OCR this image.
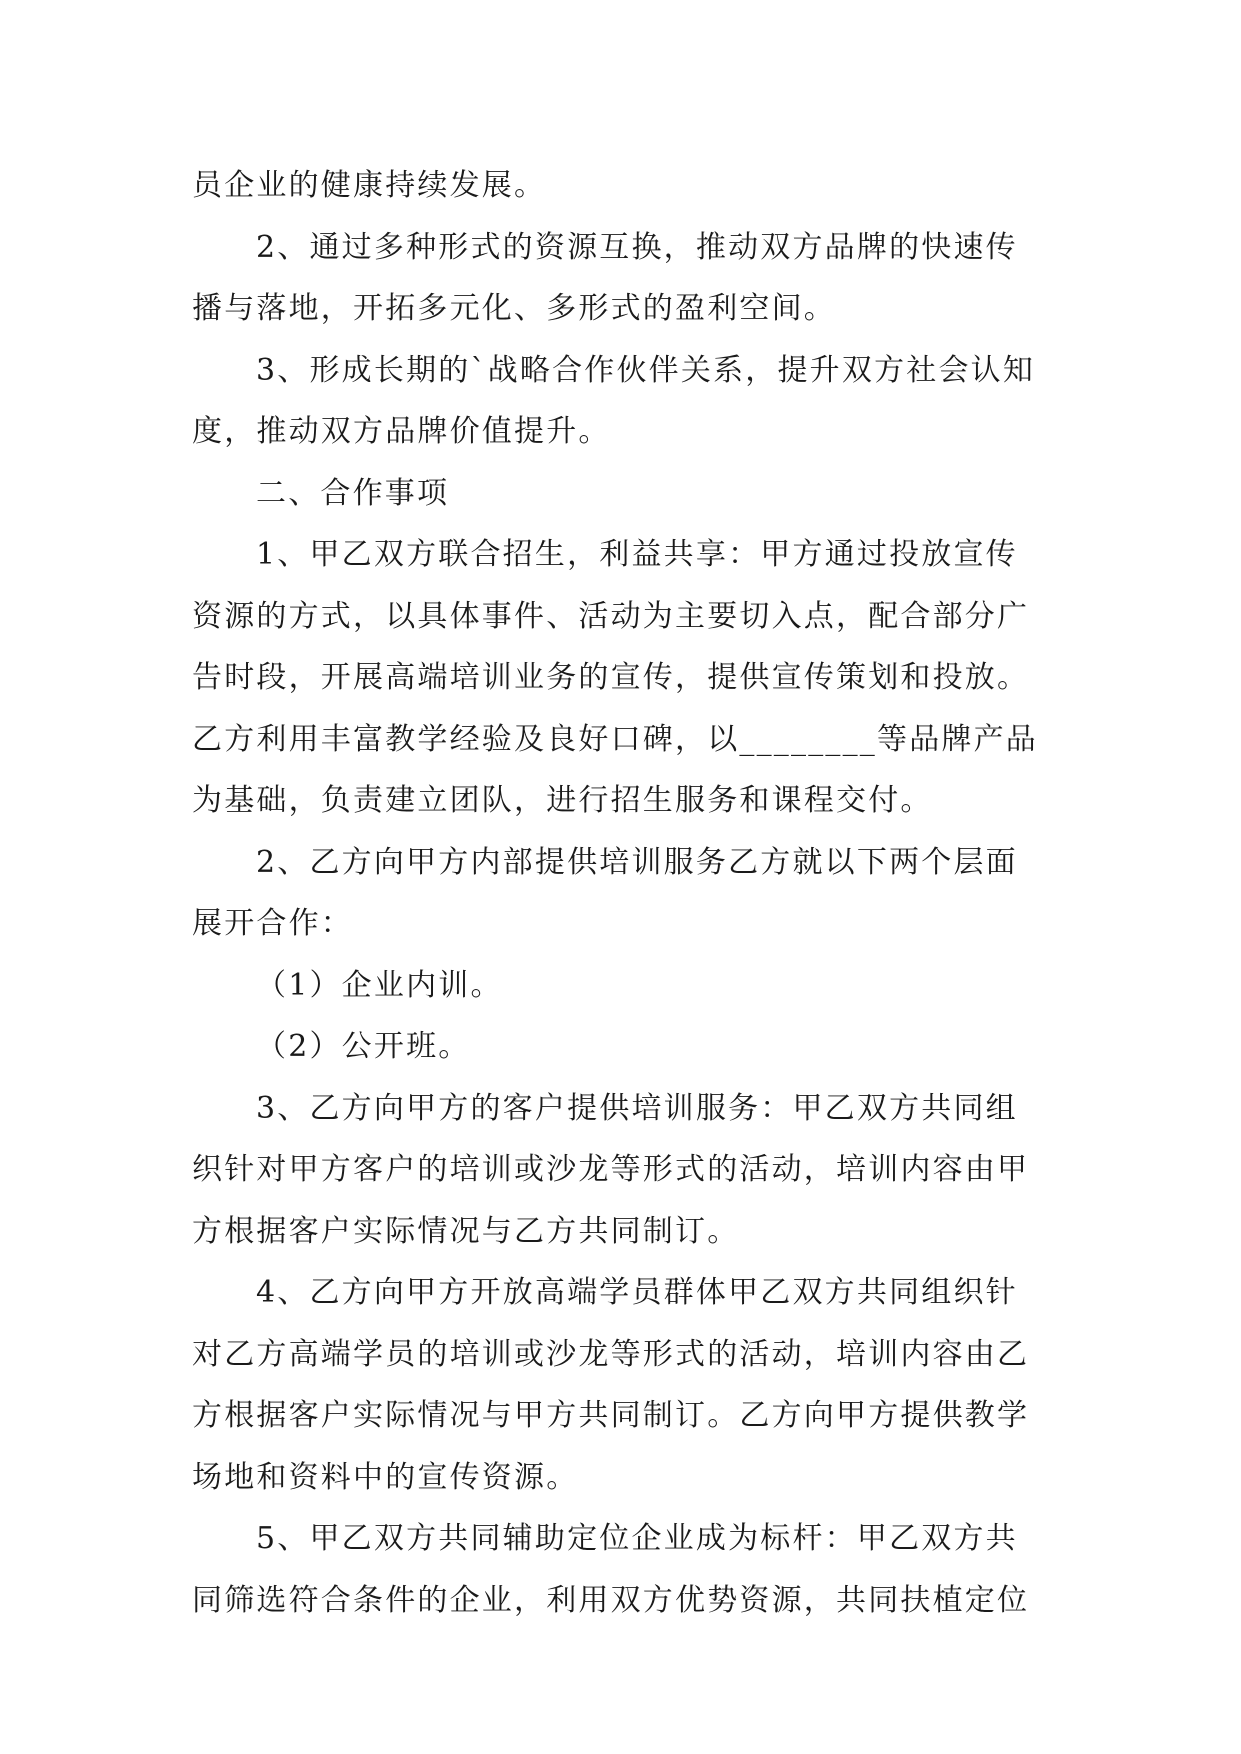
员企业的健康持续发展。
2、通过多种形式的资源互换，推动双方品牌的快速传
播与落地，开拓多元化、多形式的盈利空间。
3、形成长期的`战略合作伙伴关系，提升双方社会认知
度，推动双方品牌价值提升。
二、合作事项
1、甲乙双方联合招生，利益共享：甲方通过投放宣传
资源的方式，以具体事件、活动为主要切入点，配合部分广
告时段，开展高端培训业务的宣传，提供宣传策划和投放。
乙方利用丰富教学经验及良好口碑，以________等品牌产品
为基础，负责建立团队，进行招生服务和课程交付。
2、乙方向甲方内部提供培训服务乙方就以下两个层面
展开合作：
（1）企业内训。
（2）公开班。
3、乙方向甲方的客户提供培训服务：甲乙双方共同组
织针对甲方客户的培训或沙龙等形式的活动，培训内容由甲
方根据客户实际情况与乙方共同制订。
4、乙方向甲方开放高端学员群体甲乙双方共同组织针
对乙方高端学员的培训或沙龙等形式的活动，培训内容由乙
方根据客户实际情况与甲方共同制订。乙方向甲方提供教学
场地和资料中的宣传资源。
5、甲乙双方共同辅助定位企业成为标杆：甲乙双方共
同筛选符合条件的企业，利用双方优势资源，共同扶植定位
